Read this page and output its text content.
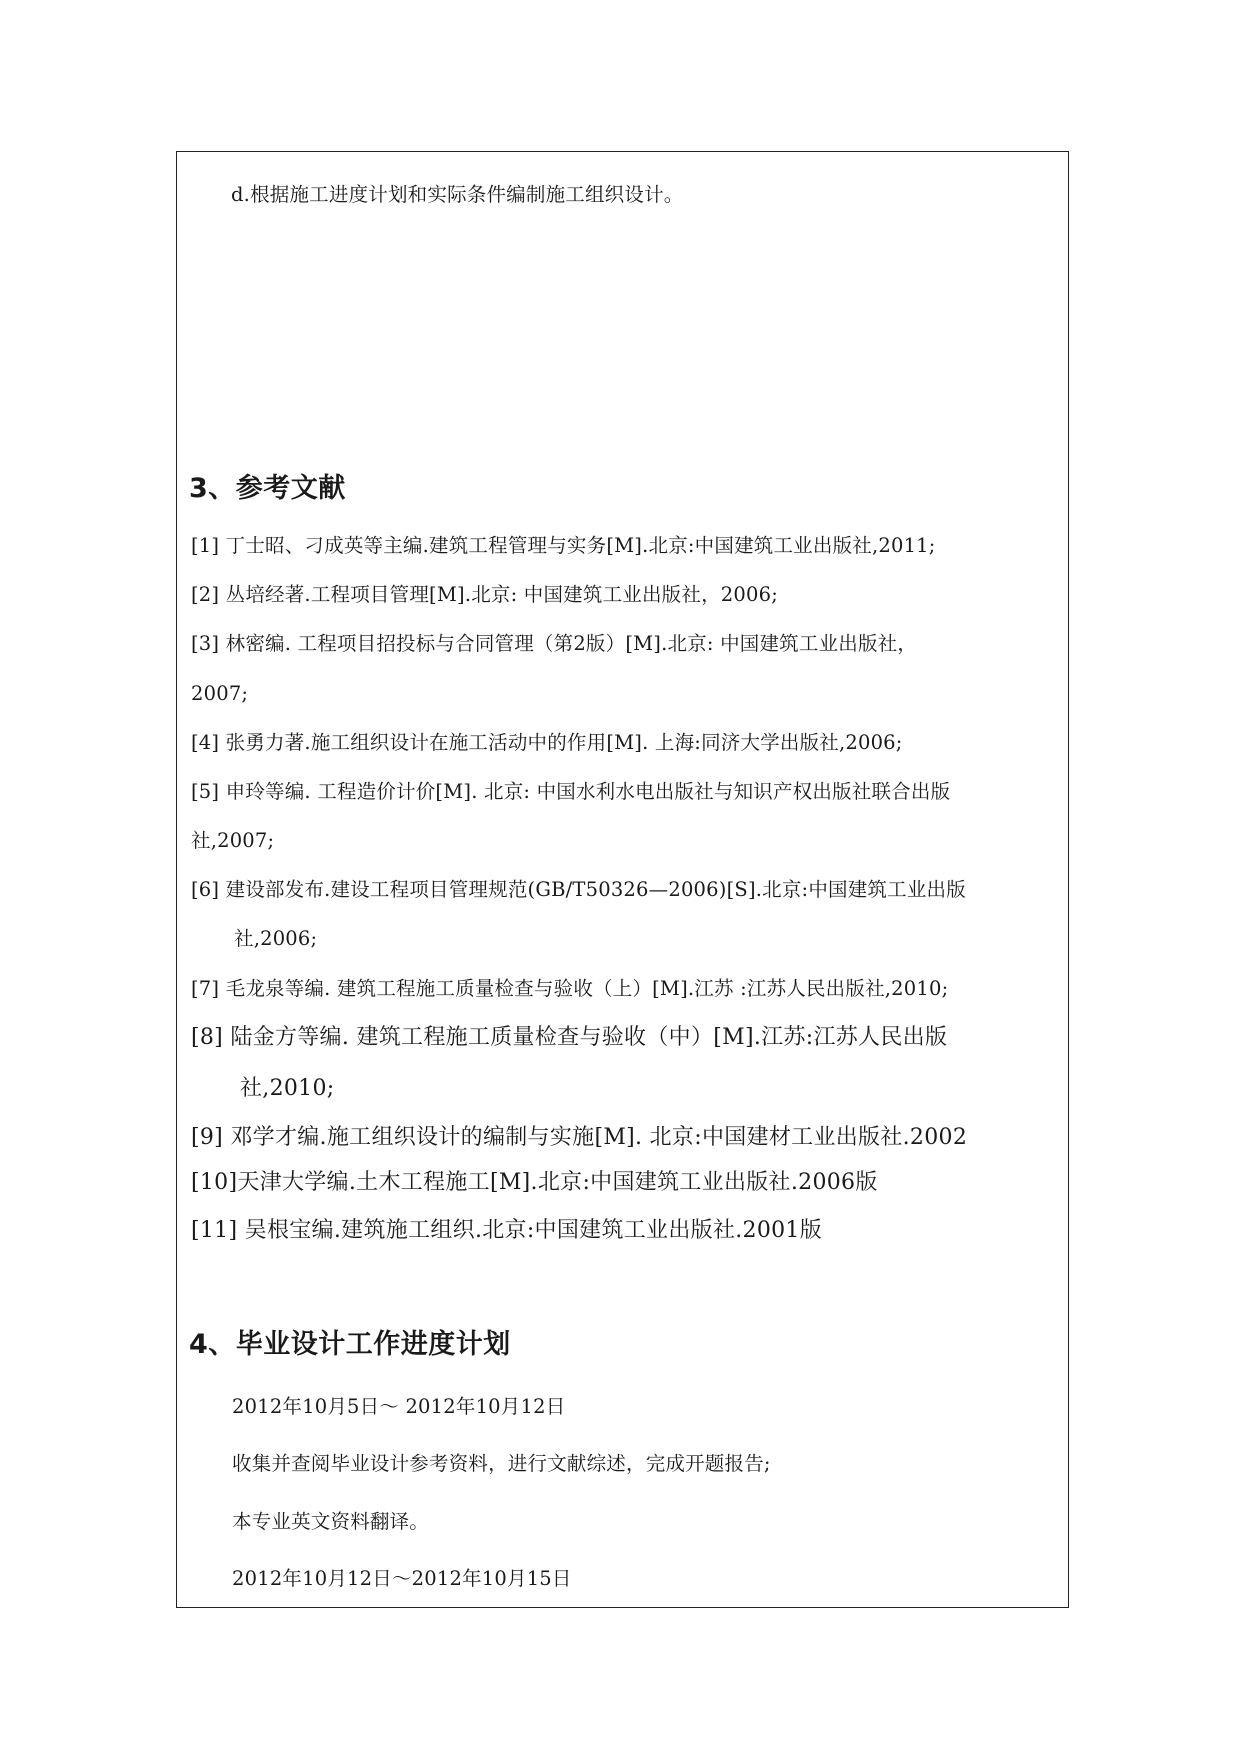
d.根据施工进度计划和实际条件编制施工组织设计。
3、参考文献
[1] 丁士昭、刁成英等主编.建筑工程管理与实务[M].北京:中国建筑工业出版社,2011;
[2] 丛培经著.工程项目管理[M].北京: 中国建筑工业出版社，2006;
[3] 林密编. 工程项目招投标与合同管理（第2版）[M].北京: 中国建筑工业出版社，
2007;
[4] 张勇力著.施工组织设计在施工活动中的作用[M]. 上海:同济大学出版社,2006;
[5] 申玲等编. 工程造价计价[M]. 北京: 中国水利水电出版社与知识产权出版社联合出版
社,2007;
[6] 建设部发布.建设工程项目管理规范(GB/T50326—2006)[S].北京:中国建筑工业出版
社,2006;
[7] 毛龙泉等编. 建筑工程施工质量检查与验收（上）[M].江苏 :江苏人民出版社,2010;
[8] 陆金方等编. 建筑工程施工质量检查与验收（中）[M].江苏:江苏人民出版
社,2010;
[9] 邓学才编.施工组织设计的编制与实施[M]. 北京:中国建材工业出版社.2002
[10]天津大学编.土木工程施工[M].北京:中国建筑工业出版社.2006版
[11] 吴根宝编.建筑施工组织.北京:中国建筑工业出版社.2001版
4、毕业设计工作进度计划
2012年10月5日～ 2012年10月12日
收集并查阅毕业设计参考资料，进行文献综述，完成开题报告;
本专业英文资料翻译。
2012年10月12日～2012年10月15日
